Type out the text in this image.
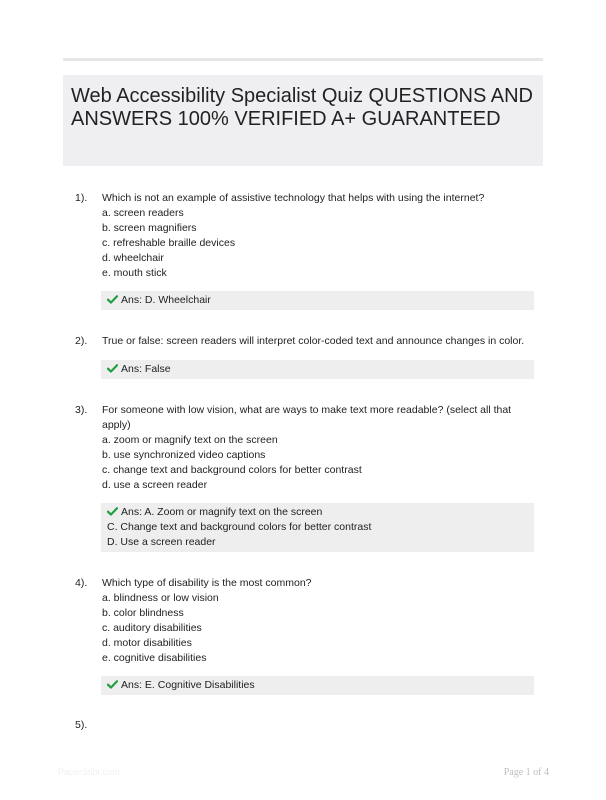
Web Accessibility Specialist Quiz QUESTIONS AND ANSWERS 100% VERIFIED A+ GUARANTEED
1). Which is not an example of assistive technology that helps with using the internet?
a. screen readers
b. screen magnifiers
c. refreshable braille devices
d. wheelchair
e. mouth stick
Ans: D. Wheelchair
2). True or false: screen readers will interpret color-coded text and announce changes in color.
Ans: False
3). For someone with low vision, what are ways to make text more readable? (select all that apply)
a. zoom or magnify text on the screen
b. use synchronized video captions
c. change text and background colors for better contrast
d. use a screen reader
Ans: A. Zoom or magnify text on the screen
C. Change text and background colors for better contrast
D. Use a screen reader
4). Which type of disability is the most common?
a. blindness or low vision
b. color blindness
c. auditory disabilities
d. motor disabilities
e. cognitive disabilities
Ans: E. Cognitive Disabilities
5).
PaperStibt.com	Page 1 of 4
